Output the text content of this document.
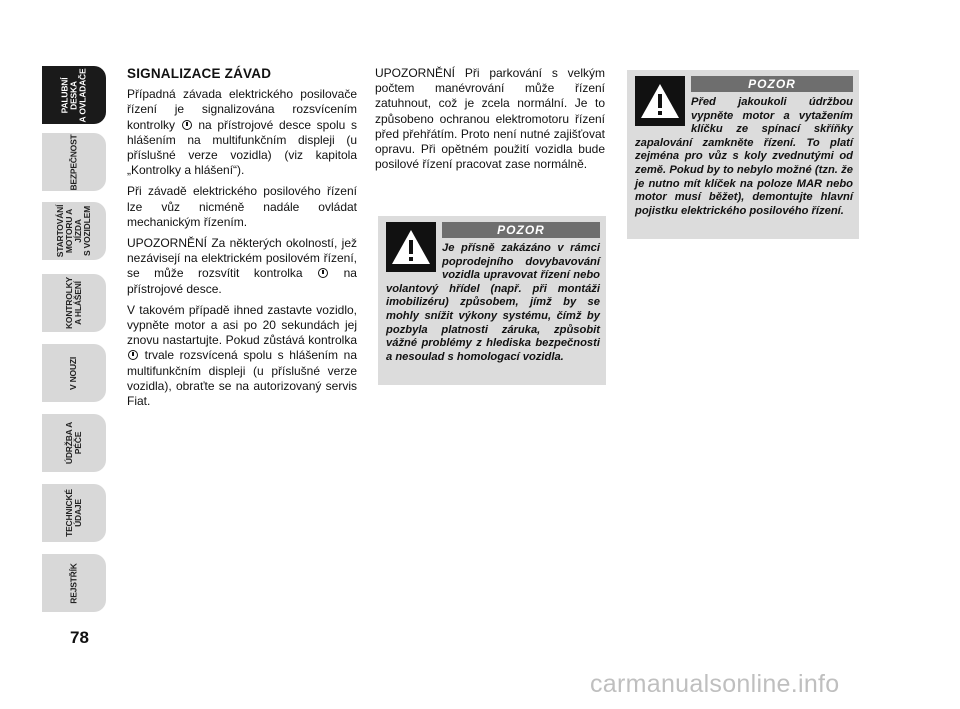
PALUBNÍ DESKA
A OVLADAČE
BEZPEČNOST
STARTOVÁNÍ
MOTORU A JÍZDA
S VOZIDLEM
KONTROLKY
A HLÁŠENÍ
V NOUZI
ÚDRŽBA A PÉČE
TECHNICKÉ ÚDAJE
REJSTŘÍK
78

SIGNALIZACE ZÁVAD

Případná závada elektrického posilovače řízení je signalizována rozsvícením kontrolky na přístrojové desce spolu s hlášením na multifunkčním displeji (u příslušné verze vozidla) (viz kapitola „Kontrolky a hlášení“).

Při závadě elektrického posilového řízení lze vůz nicméně nadále ovládat mechanickým řízením.

UPOZORNĚNÍ Za některých okolností, jež nezávisejí na elektrickém posilovém řízení, se může rozsvítit kontrolka	na přístrojové desce.

V takovém případě ihned zastavte vozidlo, vypněte motor a asi po 20 sekundách jej znovu nastartujte. Pokud zůstává kontrolka  trvale rozsvícená spolu s hlášením na multifunkčním displeji (u příslušné verze vozidla), obraťte se na autorizovaný servis Fiat.

UPOZORNĚNÍ Při parkování s velkým počtem manévrování může řízení zatuhnout, což je zcela normální. Je to způsobeno ochranou elektromotoru řízení před přehřátím. Proto není nutné zajišťovat opravu. Při opětném použití vozidla bude posilové řízení pracovat zase normálně.

POZOR

Je přísně zakázáno v rámci poprodejního dovybavování vozidla upravovat řízení nebo volantový hřídel (např. při montáži imobilizéru) způsobem, jímž by se mohly snížit výkony systému, čímž by pozbyla platnosti záruka, způsobit vážné problémy z hlediska bezpečnosti a nesoulad s homologací vozidla.

POZOR

Před jakoukoli údržbou vypněte motor a vytažením klíčku ze spínací skříňky zapalování zamkněte řízení. To platí zejména pro vůz s koly zvednutými od země. Pokud by to nebylo možné (tzn. že je nutno mít klíček na poloze MAR nebo motor musí běžet), demontujte hlavní pojistku elektrického posilového řízení.

carmanualsonline.info
